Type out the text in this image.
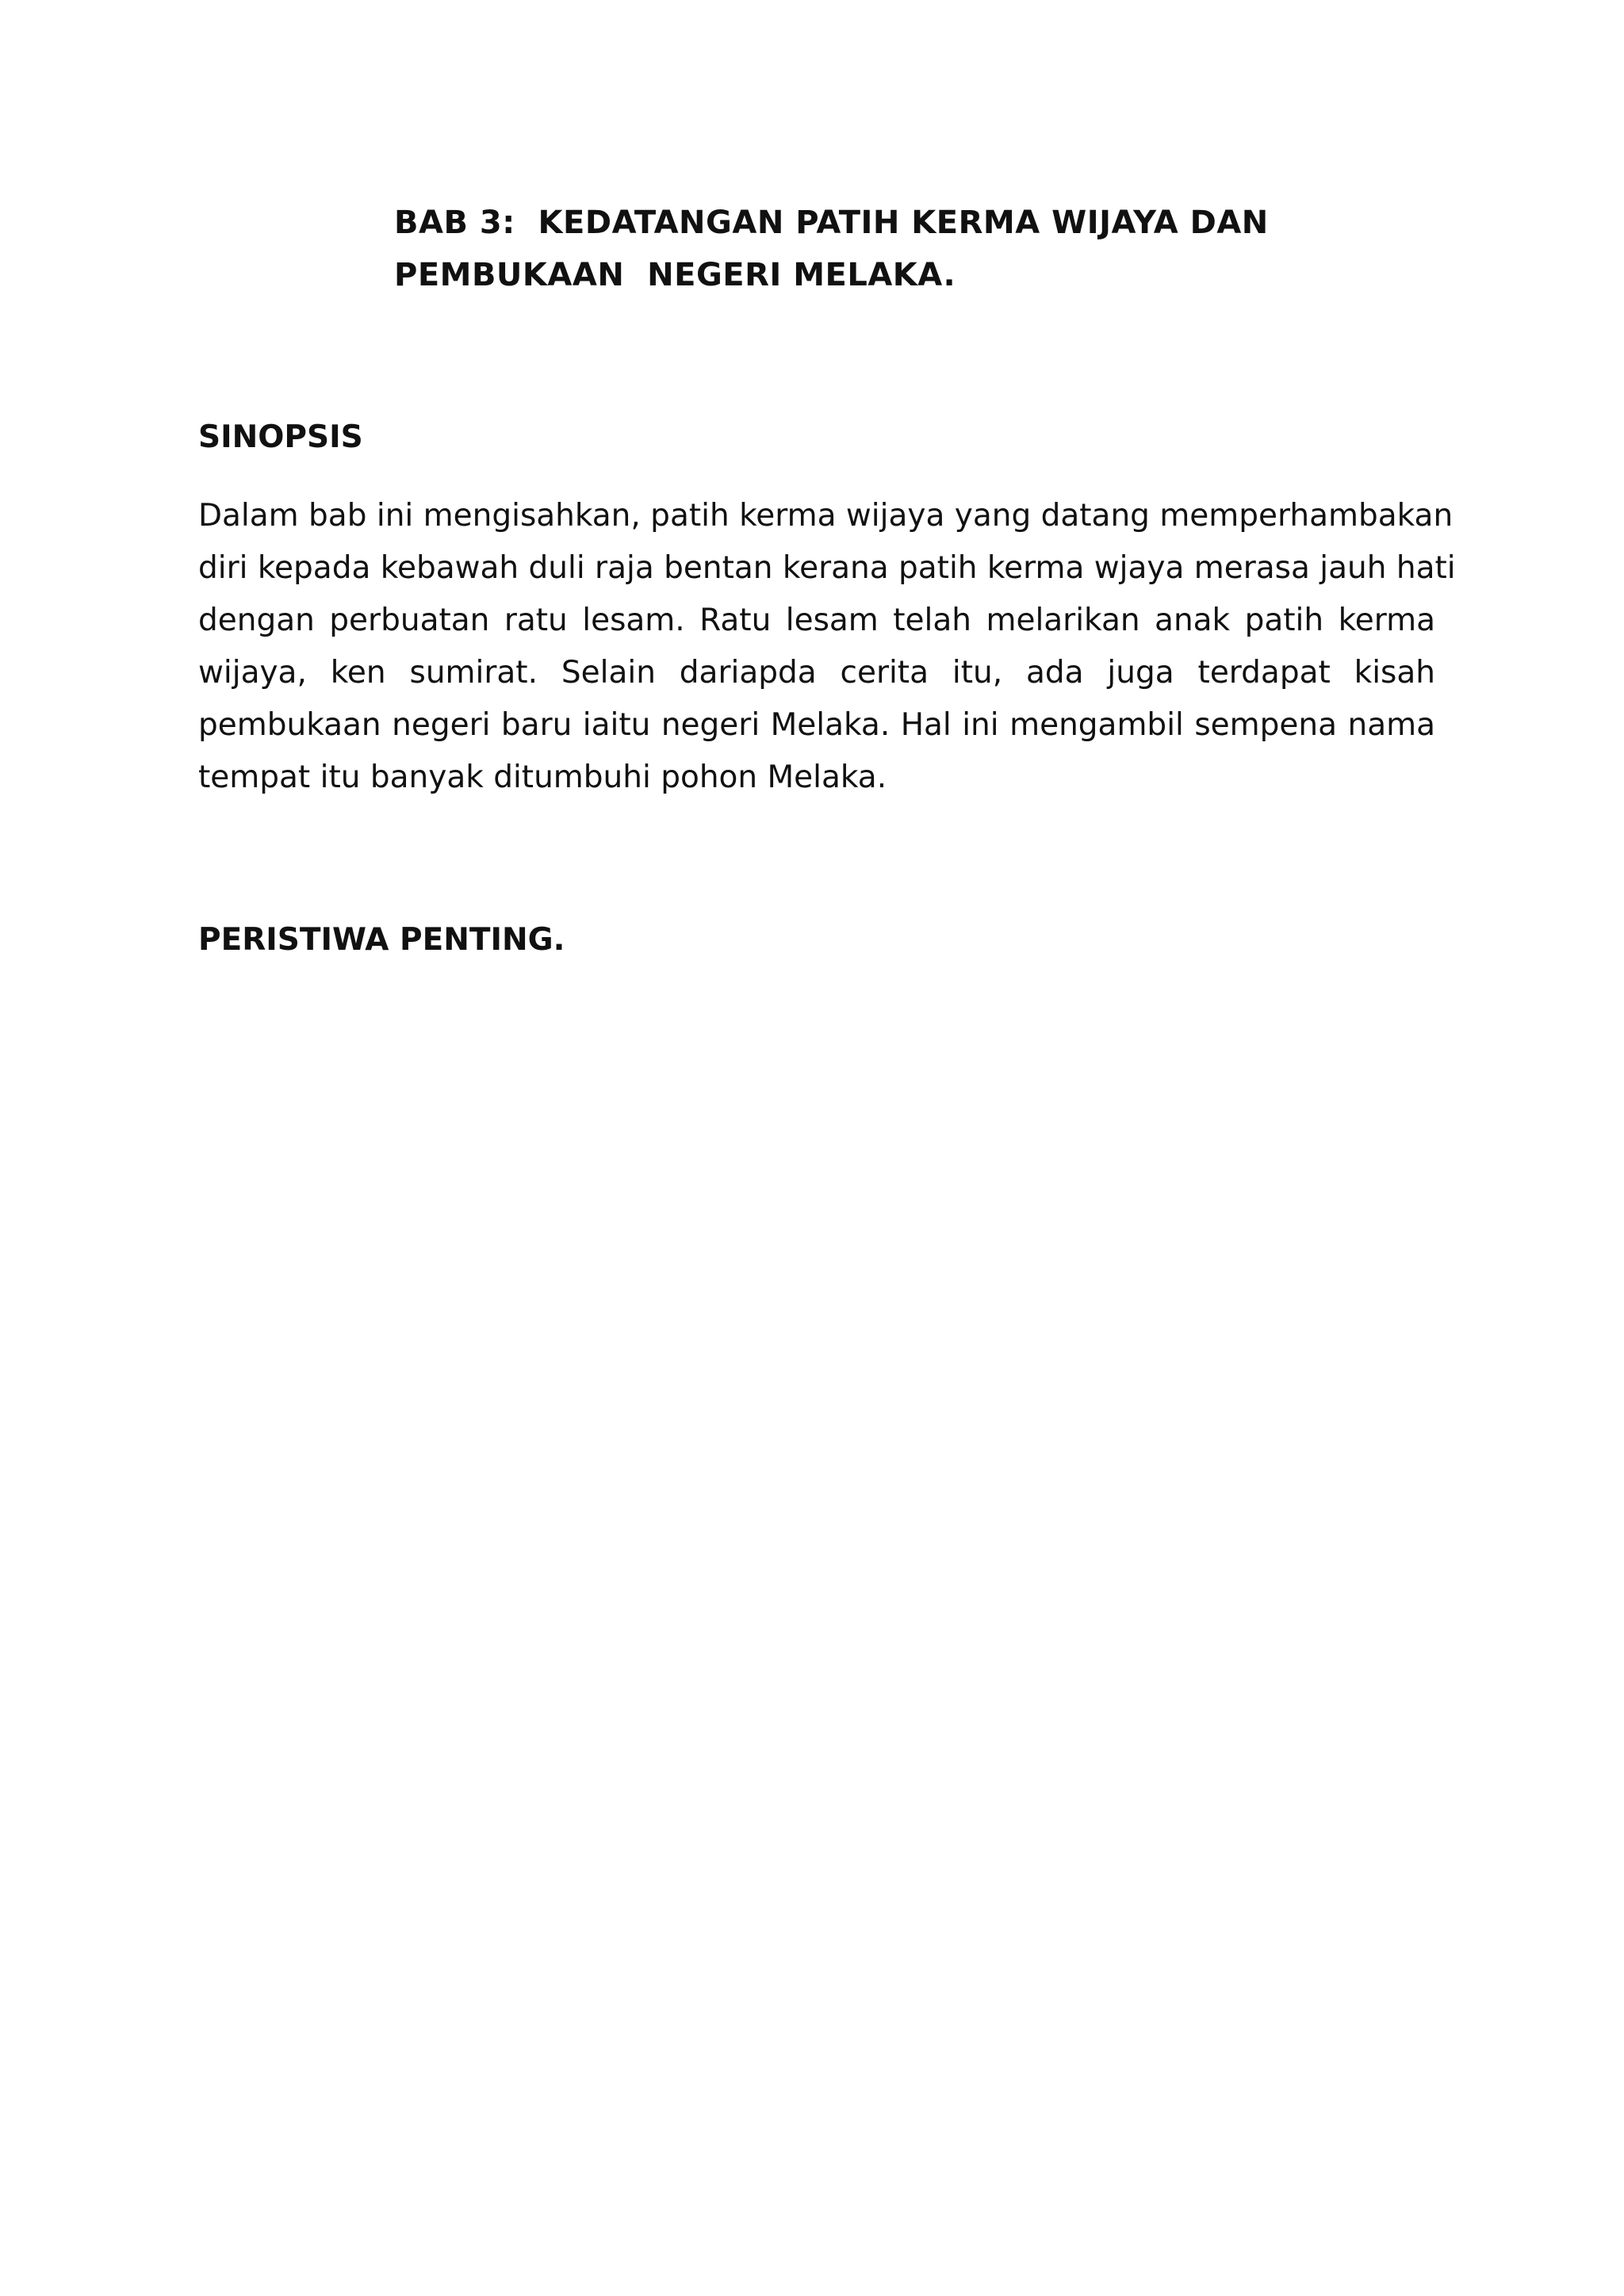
BAB 3:  KEDATANGAN PATIH KERMA WIJAYA DAN
PEMBUKAAN  NEGERI MELAKA.
SINOPSIS

Dalam bab ini mengisahkan, patih kerma wijaya yang datang memperhambakan
diri kepada kebawah duli raja bentan kerana patih kerma wjaya merasa jauh hati
dengan perbuatan ratu lesam. Ratu lesam telah melarikan anak patih kerma
wijaya, ken sumirat. Selain dariapda cerita itu, ada juga terdapat kisah
pembukaan negeri baru iaitu negeri Melaka. Hal ini mengambil sempena nama
tempat itu banyak ditumbuhi pohon Melaka.

PERISTIWA PENTING.
